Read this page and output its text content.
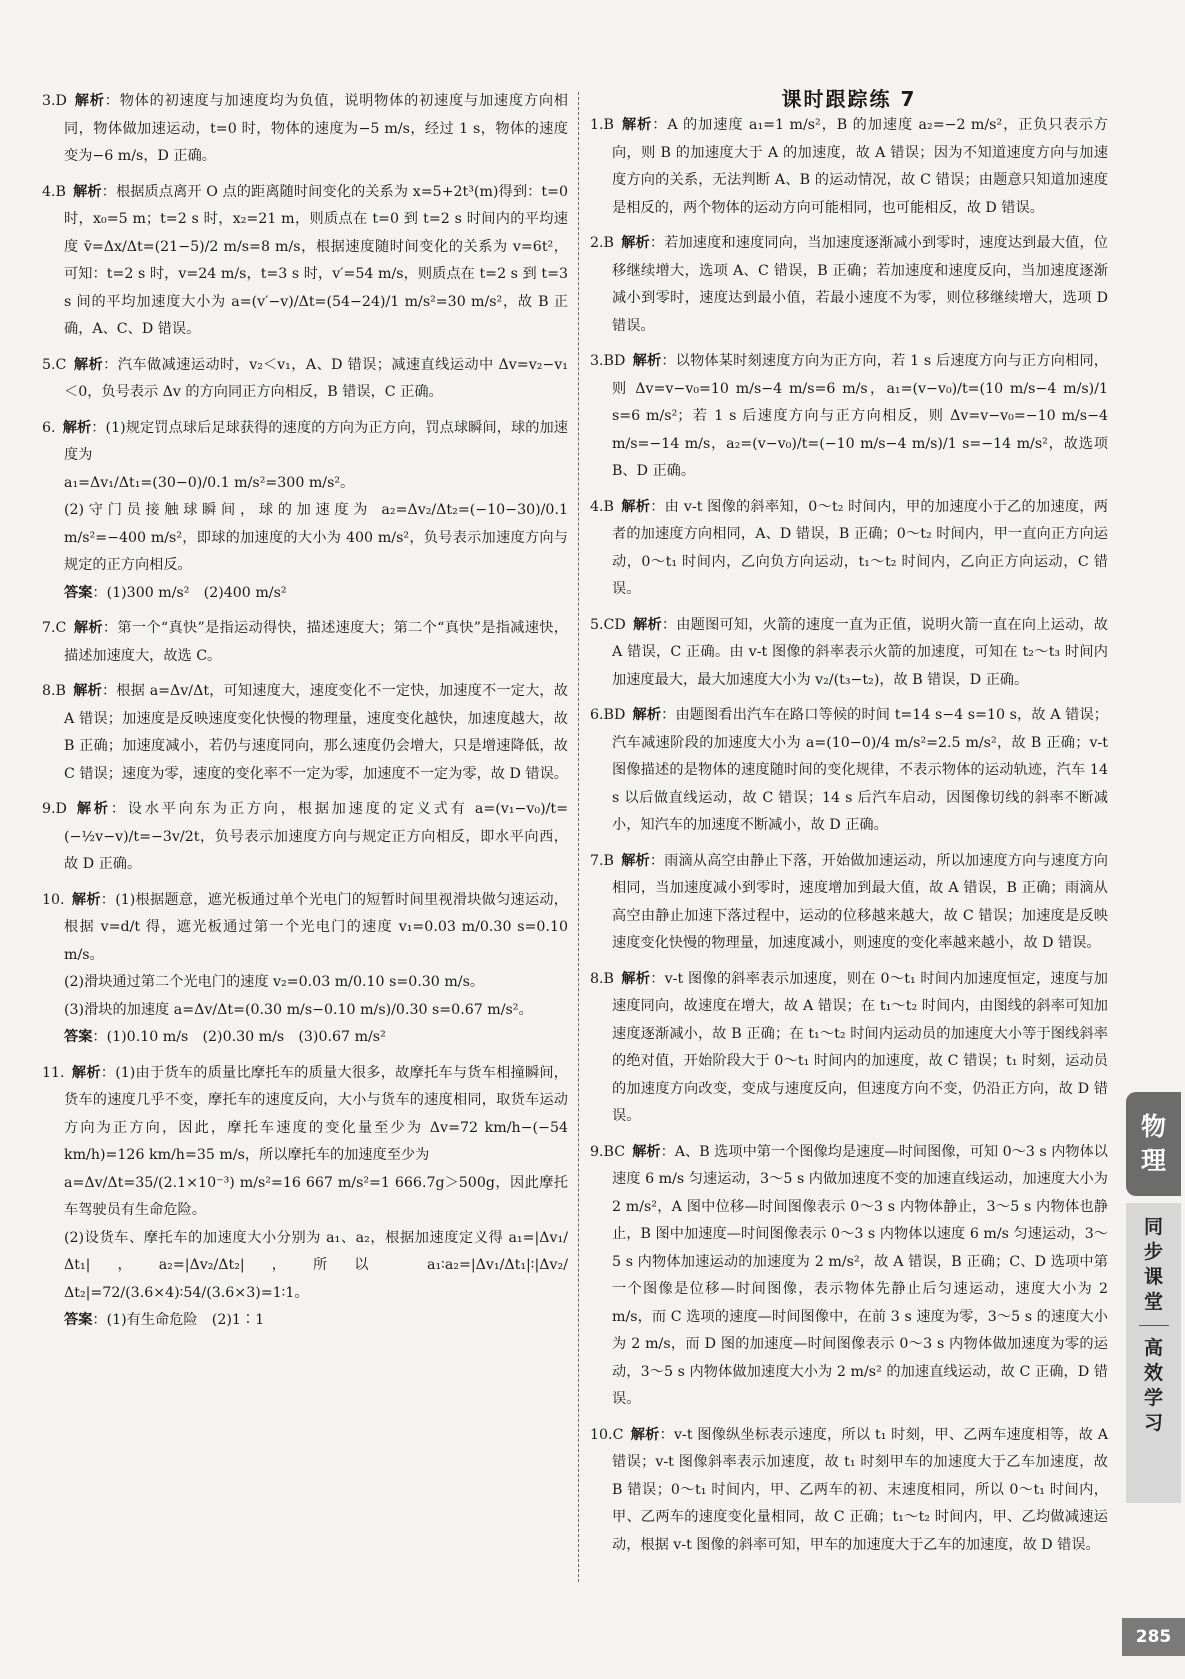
3.D 解析：物体的初速度与加速度均为负值，说明物体的初速度与加速度方向相同，物体做加速运动，t=0 时，物体的速度为−5 m/s，经过 1 s，物体的速度变为−6 m/s，D 正确。

4.B 解析：根据质点离开 O 点的距离随时间变化的关系为 x=5+2t³(m)得到：t=0 时，x₀=5 m；t=2 s 时，x₂=21 m，则质点在 t=0 到 t=2 s 时间内的平均速度 v̄=Δx/Δt=(21−5)/2 m/s=8 m/s，根据速度随时间变化的关系为 v=6t²，可知：t=2 s 时，v=24 m/s，t=3 s 时，v′=54 m/s，则质点在 t=2 s 到 t=3 s 间的平均加速度大小为 a=(v′−v)/Δt=(54−24)/1 m/s²=30 m/s²，故 B 正确，A、C、D 错误。

5.C 解析：汽车做减速运动时，v₂＜v₁，A、D 错误；减速直线运动中 Δv=v₂−v₁＜0，负号表示 Δv 的方向同正方向相反，B 错误，C 正确。

6. 解析：(1)规定罚点球后足球获得的速度的方向为正方向，罚点球瞬间，球的加速度为

a₁=Δv₁/Δt₁=(30−0)/0.1 m/s²=300 m/s²。

(2)守门员接触球瞬间，球的加速度为 a₂=Δv₂/Δt₂=(−10−30)/0.1 m/s²=−400 m/s²，即球的加速度的大小为 400 m/s²，负号表示加速度方向与规定的正方向相反。

答案：(1)300 m/s²　(2)400 m/s²

7.C 解析：第一个“真快”是指运动得快，描述速度大；第二个“真快”是指减速快，描述加速度大，故选 C。

8.B 解析：根据 a=Δv/Δt，可知速度大，速度变化不一定快，加速度不一定大，故 A 错误；加速度是反映速度变化快慢的物理量，速度变化越快，加速度越大，故 B 正确；加速度减小，若仍与速度同向，那么速度仍会增大，只是增速降低，故 C 错误；速度为零，速度的变化率不一定为零，加速度不一定为零，故 D 错误。

9.D 解析：设水平向东为正方向，根据加速度的定义式有 a=(v₁−v₀)/t=(−½v−v)/t=−3v/2t，负号表示加速度方向与规定正方向相反，即水平向西，故 D 正确。

10. 解析：(1)根据题意，遮光板通过单个光电门的短暂时间里视滑块做匀速运动，根据 v=d/t 得，遮光板通过第一个光电门的速度 v₁=0.03 m/0.30 s=0.10 m/s。

(2)滑块通过第二个光电门的速度 v₂=0.03 m/0.10 s=0.30 m/s。

(3)滑块的加速度 a=Δv/Δt=(0.30 m/s−0.10 m/s)/0.30 s=0.67 m/s²。

答案：(1)0.10 m/s　(2)0.30 m/s　(3)0.67 m/s²

11. 解析：(1)由于货车的质量比摩托车的质量大很多，故摩托车与货车相撞瞬间，货车的速度几乎不变，摩托车的速度反向，大小与货车的速度相同，取货车运动方向为正方向，因此，摩托车速度的变化量至少为 Δv=72 km/h−(−54 km/h)=126 km/h=35 m/s，所以摩托车的加速度至少为

a=Δv/Δt=35/(2.1×10⁻³) m/s²=16 667 m/s²=1 666.7g＞500g，因此摩托车驾驶员有生命危险。

(2)设货车、摩托车的加速度大小分别为 a₁、a₂，根据加速度定义得 a₁=|Δv₁/Δt₁|，a₂=|Δv₂/Δt₂|，所以 a₁∶a₂=|Δv₁/Δt₁|∶|Δv₂/Δt₂|=72/(3.6×4)∶54/(3.6×3)=1∶1。

答案：(1)有生命危险　(2)1∶1

课时跟踪练 7

1.B 解析：A 的加速度 a₁=1 m/s²，B 的加速度 a₂=−2 m/s²，正负只表示方向，则 B 的加速度大于 A 的加速度，故 A 错误；因为不知道速度方向与加速度方向的关系，无法判断 A、B 的运动情况，故 C 错误；由题意只知道加速度是相反的，两个物体的运动方向可能相同，也可能相反，故 D 错误。

2.B 解析：若加速度和速度同向，当加速度逐渐减小到零时，速度达到最大值，位移继续增大，选项 A、C 错误，B 正确；若加速度和速度反向，当加速度逐渐减小到零时，速度达到最小值，若最小速度不为零，则位移继续增大，选项 D 错误。

3.BD 解析：以物体某时刻速度方向为正方向，若 1 s 后速度方向与正方向相同，则 Δv=v−v₀=10 m/s−4 m/s=6 m/s，a₁=(v−v₀)/t=(10 m/s−4 m/s)/1 s=6 m/s²；若 1 s 后速度方向与正方向相反，则 Δv=v−v₀=−10 m/s−4 m/s=−14 m/s，a₂=(v−v₀)/t=(−10 m/s−4 m/s)/1 s=−14 m/s²，故选项 B、D 正确。

4.B 解析：由 v-t 图像的斜率知，0～t₂ 时间内，甲的加速度小于乙的加速度，两者的加速度方向相同，A、D 错误，B 正确；0～t₂ 时间内，甲一直向正方向运动，0～t₁ 时间内，乙向负方向运动，t₁～t₂ 时间内，乙向正方向运动，C 错误。

5.CD 解析：由题图可知，火箭的速度一直为正值，说明火箭一直在向上运动，故 A 错误，C 正确。由 v-t 图像的斜率表示火箭的加速度，可知在 t₂～t₃ 时间内加速度最大，最大加速度大小为 v₂/(t₃−t₂)，故 B 错误，D 正确。

6.BD 解析：由题图看出汽车在路口等候的时间 t=14 s−4 s=10 s，故 A 错误；汽车减速阶段的加速度大小为 a=(10−0)/4 m/s²=2.5 m/s²，故 B 正确；v-t 图像描述的是物体的速度随时间的变化规律，不表示物体的运动轨迹，汽车 14 s 以后做直线运动，故 C 错误；14 s 后汽车启动，因图像切线的斜率不断减小，知汽车的加速度不断减小，故 D 正确。

7.B 解析：雨滴从高空由静止下落，开始做加速运动，所以加速度方向与速度方向相同，当加速度减小到零时，速度增加到最大值，故 A 错误，B 正确；雨滴从高空由静止加速下落过程中，运动的位移越来越大，故 C 错误；加速度是反映速度变化快慢的物理量，加速度减小，则速度的变化率越来越小，故 D 错误。

8.B 解析：v-t 图像的斜率表示加速度，则在 0～t₁ 时间内加速度恒定，速度与加速度同向，故速度在增大，故 A 错误；在 t₁～t₂ 时间内，由图线的斜率可知加速度逐渐减小，故 B 正确；在 t₁～t₂ 时间内运动员的加速度大小等于图线斜率的绝对值，开始阶段大于 0～t₁ 时间内的加速度，故 C 错误；t₁ 时刻，运动员的加速度方向改变，变成与速度反向，但速度方向不变，仍沿正方向，故 D 错误。

9.BC 解析：A、B 选项中第一个图像均是速度—时间图像，可知 0～3 s 内物体以速度 6 m/s 匀速运动，3～5 s 内做加速度不变的加速直线运动，加速度大小为 2 m/s²，A 图中位移—时间图像表示 0～3 s 内物体静止，3～5 s 内物体也静止，B 图中加速度—时间图像表示 0～3 s 内物体以速度 6 m/s 匀速运动，3～5 s 内物体加速运动的加速度为 2 m/s²，故 A 错误，B 正确；C、D 选项中第一个图像是位移—时间图像，表示物体先静止后匀速运动，速度大小为 2 m/s，而 C 选项的速度—时间图像中，在前 3 s 速度为零，3～5 s 的速度大小为 2 m/s，而 D 图的加速度—时间图像表示 0～3 s 内物体做加速度为零的运动，3～5 s 内物体做加速度大小为 2 m/s² 的加速直线运动，故 C 正确，D 错误。

10.C 解析：v-t 图像纵坐标表示速度，所以 t₁ 时刻，甲、乙两车速度相等，故 A 错误；v-t 图像斜率表示加速度，故 t₁ 时刻甲车的加速度大于乙车加速度，故 B 错误；0～t₁ 时间内，甲、乙两车的初、末速度相同，所以 0～t₁ 时间内，甲、乙两车的速度变化量相同，故 C 正确；t₁～t₂ 时间内，甲、乙均做减速运动，根据 v-t 图像的斜率可知，甲车的加速度大于乙车的加速度，故 D 错误。

物
理
同
步
课
堂
高
效
学
习
285
